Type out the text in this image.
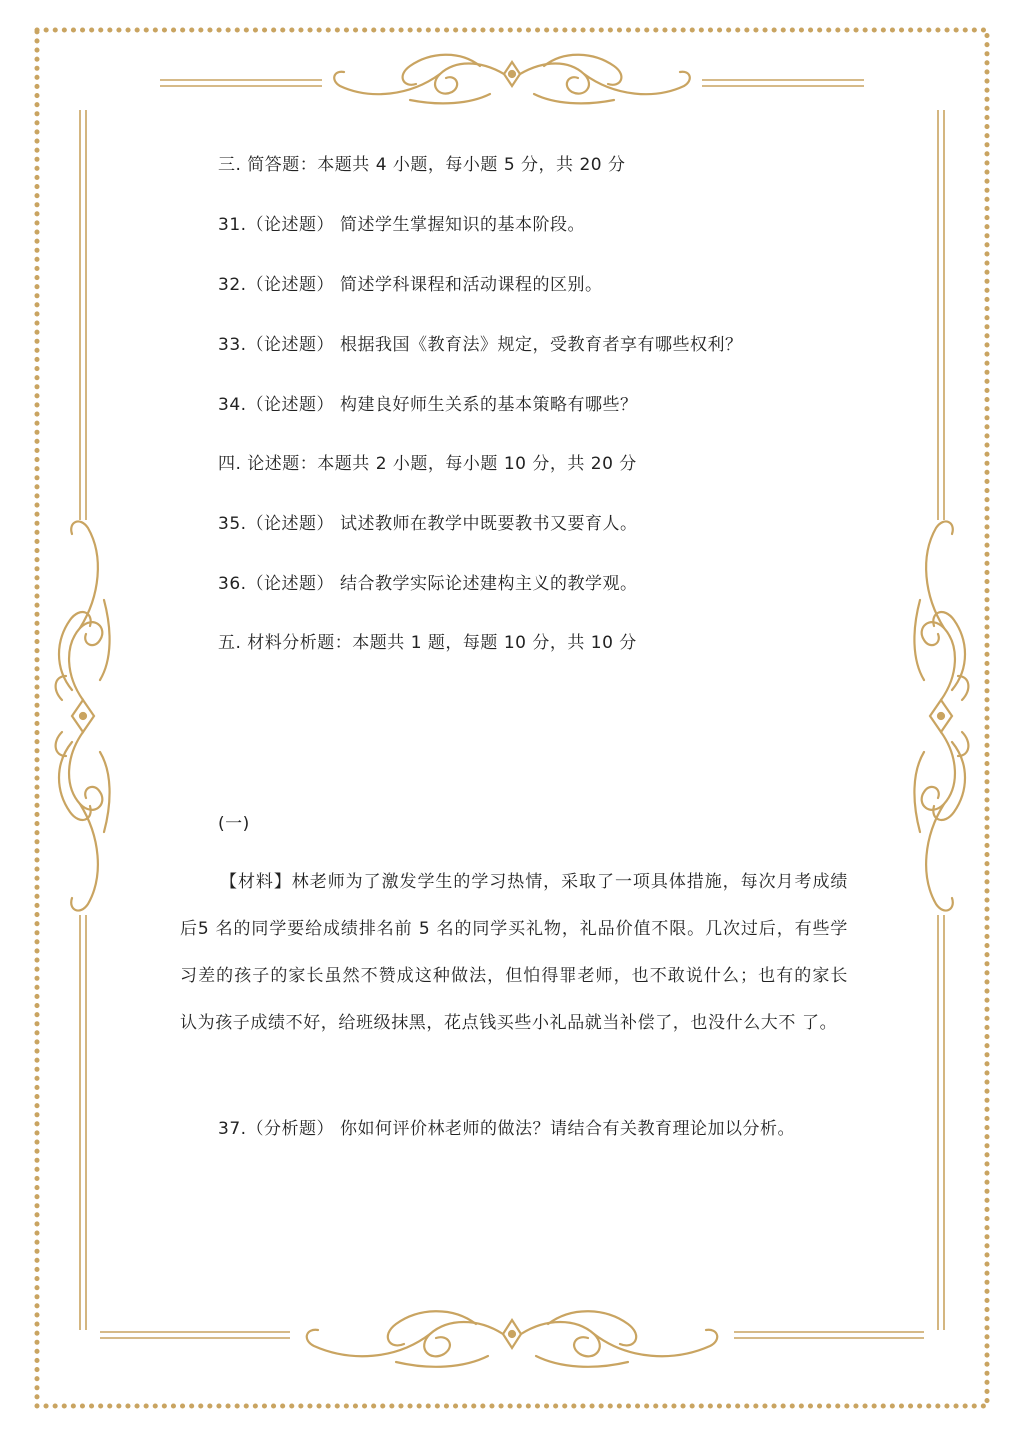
三. 简答题：本题共 4 小题，每小题 5 分，共 20 分
31.（论述题） 简述学生掌握知识的基本阶段。
32.（论述题） 简述学科课程和活动课程的区别。
33.（论述题） 根据我国《教育法》规定，受教育者享有哪些权利？
34.（论述题） 构建良好师生关系的基本策略有哪些？
四. 论述题：本题共 2 小题，每小题 10 分，共 20 分
35.（论述题） 试述教师在教学中既要教书又要育人。
36.（论述题） 结合教学实际论述建构主义的教学观。
五. 材料分析题：本题共 1 题，每题 10 分，共 10 分
(一)
【材料】林老师为了激发学生的学习热情，采取了一项具体措施，每次月考成绩后5 名的同学要给成绩排名前 5 名的同学买礼物，礼品价值不限。几次过后，有些学习差的孩子的家长虽然不赞成这种做法，但怕得罪老师，也不敢说什么；也有的家长认为孩子成绩不好，给班级抹黑，花点钱买些小礼品就当补偿了，也没什么大不 了。
37.（分析题） 你如何评价林老师的做法？请结合有关教育理论加以分析。
